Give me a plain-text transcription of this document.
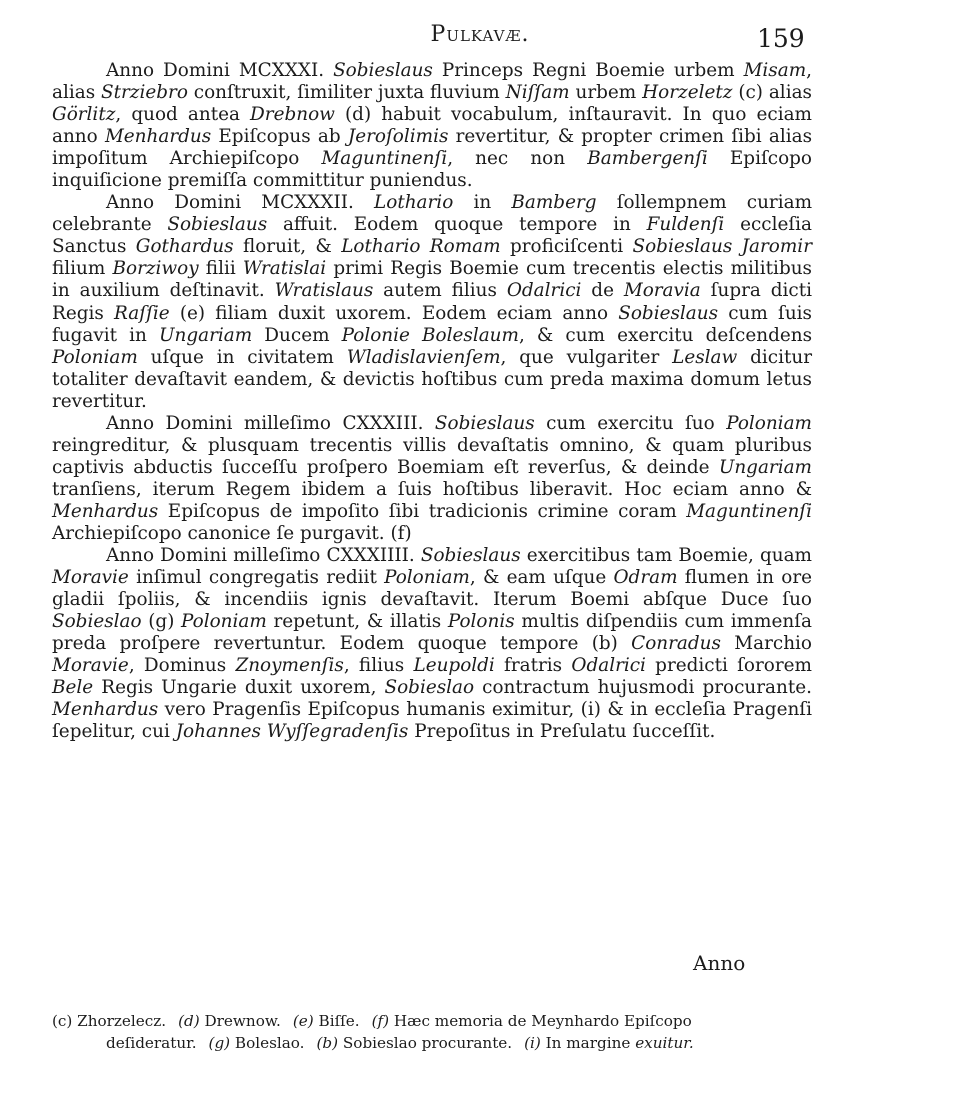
Pulkavæ.	159

Anno Domini MCXXXI. Sobieslaus Princeps Regni Boemie urbem Misam, alias Strziebro conſtruxit, ſimiliter juxta fluvium Niſſam urbem Horzeletz (c) alias Görlitz, quod antea Drebnow (d) habuit vocabulum, inſtauravit. In quo eciam anno Menhardus Epiſcopus ab Jeroſolimis revertitur, & propter crimen ſibi alias impoſitum Archiepiſcopo Maguntinenſi, nec non Bambergenſi Epiſcopo inquiſicione premiſſa committitur puniendus.

Anno Domini MCXXXII. Lothario in Bamberg ſollempnem curiam celebrante Sobieslaus affuit. Eodem quoque tempore in Fuldenſi eccleſia Sanctus Gothardus floruit, & Lothario Romam proficiſcenti Sobieslaus Jaromir filium Borziwoy filii Wratislai primi Regis Boemie cum trecentis electis militibus in auxilium deſtinavit. Wratislaus autem filius Odalrici de Moravia ſupra dicti Regis Raſſie (e) filiam duxit uxorem. Eodem eciam anno Sobieslaus cum ſuis fugavit in Ungariam Ducem Polonie Boleslaum, & cum exercitu deſcendens Poloniam uſque in civitatem Wladislavienſem, que vulgariter Leslaw dicitur totaliter devaſtavit eandem, & devictis hoſtibus cum preda maxima domum letus revertitur.

Anno Domini milleſimo CXXXIII. Sobieslaus cum exercitu ſuo Poloniam reingreditur, & plusquam trecentis villis devaſtatis omnino, & quam pluribus captivis abductis ſucceſſu proſpero Boemiam eſt reverſus, & deinde Ungariam tranſiens, iterum Regem ibidem a ſuis hoſtibus liberavit. Hoc eciam anno & Menhardus Epiſcopus de impoſito ſibi tradicionis crimine coram Maguntinenſi Archiepiſcopo canonice ſe purgavit. (f)

Anno Domini milleſimo CXXXIIII. Sobieslaus exercitibus tam Boemie, quam Moravie inſimul congregatis rediit Poloniam, & eam uſque Odram flumen in ore gladii ſpoliis, & incendiis ignis devaſtavit. Iterum Boemi abſque Duce ſuo Sobieslao (g) Poloniam repetunt, & illatis Polonis multis diſpendiis cum immenſa preda proſpere revertuntur. Eodem quoque tempore (b) Conradus Marchio Moravie, Dominus Znoymenſis, filius Leupoldi fratris Odalrici predicti ſororem Bele Regis Ungarie duxit uxorem, Sobieslao contractum hujusmodi procurante. Menhardus vero Pragenſis Epiſcopus humanis eximitur, (i) & in eccleſia Pragenſi ſepelitur, cui Johannes Wyſſegradenſis Prepoſitus in Preſulatu ſucceſſit.

Anno
(c) Zhorzelecz. (d) Drewnow. (e) Biſſe. (f) Hæc memoria de Meynhardo Epiſcopo
deſideratur. (g) Boleslao. (b) Sobieslao procurante. (i) In margine exuitur.
